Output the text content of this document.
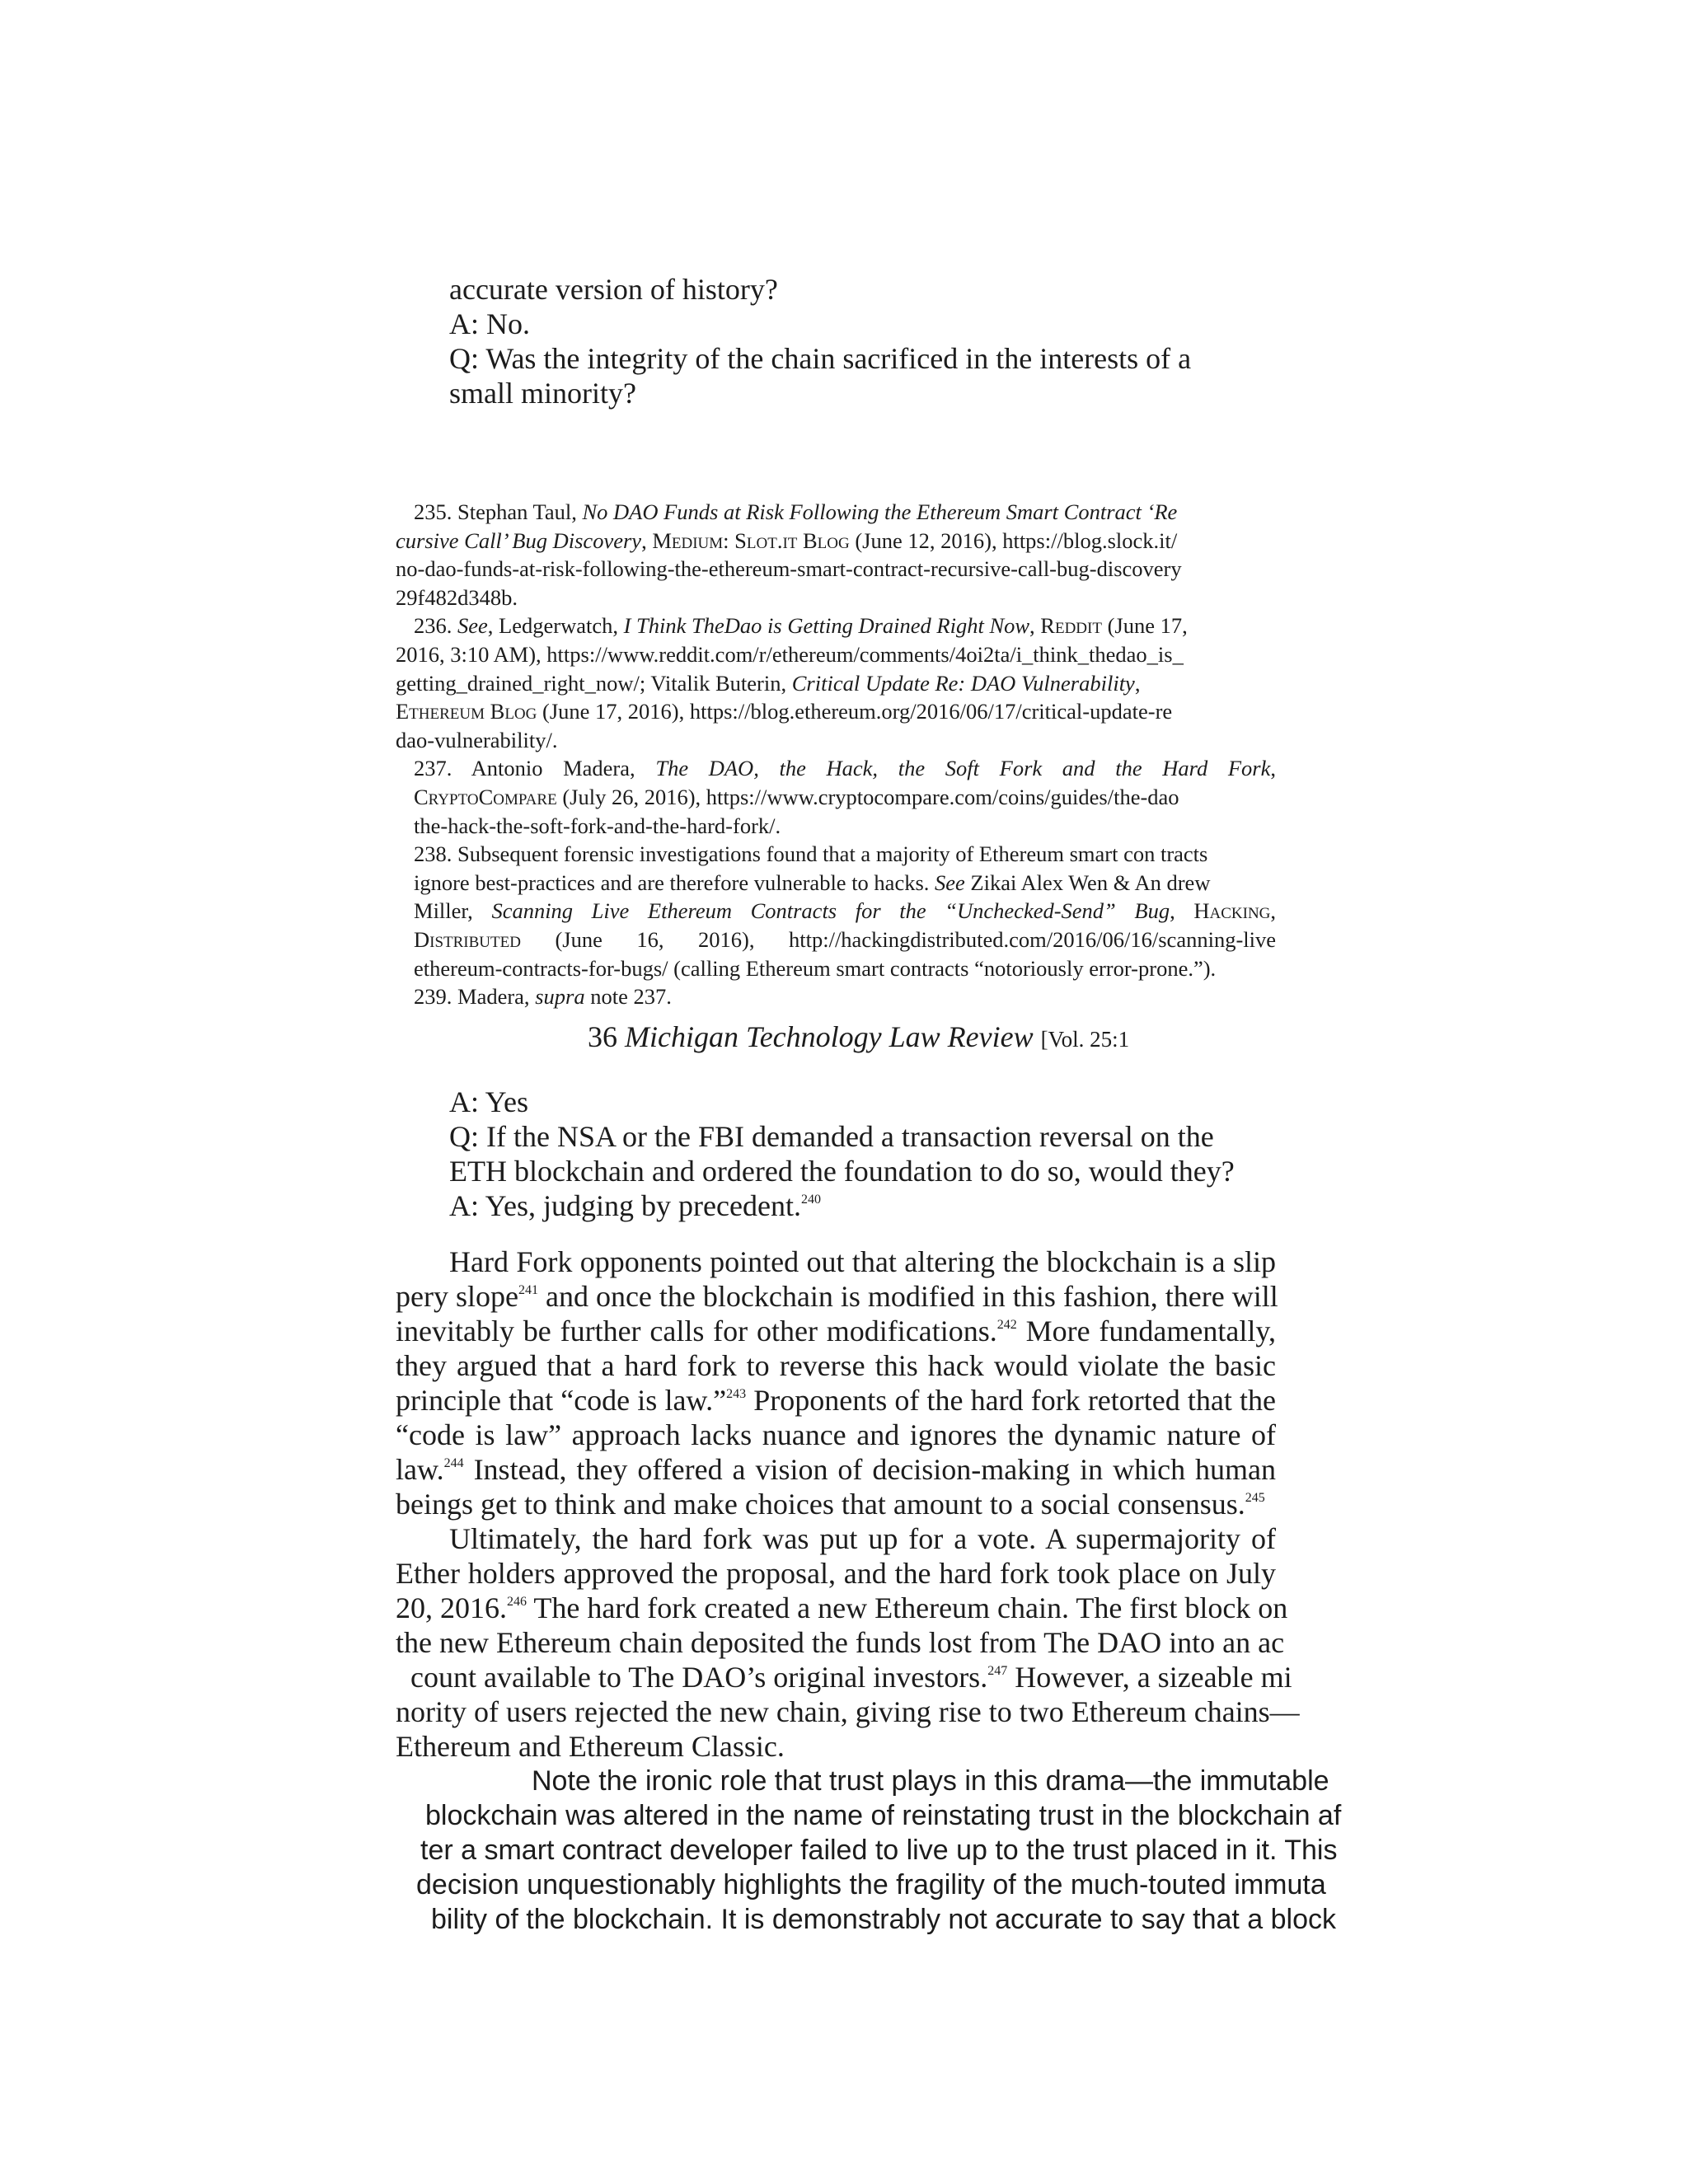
accurate version of history?
A: No.
Q: Was the integrity of the chain sacrificed in the interests of a
small minority?

235. Stephan Taul, No DAO Funds at Risk Following the Ethereum Smart Contract ‘Re
cursive Call’ Bug Discovery, Medium: Slot.it Blog (June 12, 2016), https://blog.slock.it/
no-dao-funds-at-risk-following-the-ethereum-smart-contract-recursive-call-bug-discovery
29f482d348b.

236. See, Ledgerwatch, I Think TheDao is Getting Drained Right Now, Reddit (June 17,
2016, 3:10 AM), https://www.reddit.com/r/ethereum/comments/4oi2ta/i_think_thedao_is_
getting_drained_right_now/; Vitalik Buterin, Critical Update Re: DAO Vulnerability,
Ethereum Blog (June 17, 2016), https://blog.ethereum.org/2016/06/17/critical-update-re
dao-vulnerability/.

237. Antonio Madera, The DAO, the Hack, the Soft Fork and the Hard Fork,
CryptoCompare (July 26, 2016), https://www.cryptocompare.com/coins/guides/the-dao
the-hack-the-soft-fork-and-the-hard-fork/.

238. Subsequent forensic investigations found that a majority of Ethereum smart con tracts
ignore best-practices and are therefore vulnerable to hacks. See Zikai Alex Wen & An drew
Miller, Scanning Live Ethereum Contracts for the “Unchecked-Send” Bug, Hacking,
Distributed (June 16, 2016), http://hackingdistributed.com/2016/06/16/scanning-live
ethereum-contracts-for-bugs/ (calling Ethereum smart contracts “notoriously error-prone.”).

239. Madera, supra note 237.

36 Michigan Technology Law Review [Vol. 25:1
A: Yes
Q: If the NSA or the FBI demanded a transaction reversal on the
ETH blockchain and ordered the foundation to do so, would they?
A: Yes, judging by precedent.$^{240}$
Hard Fork opponents pointed out that altering the blockchain is a slip
pery slope$^{241}$ and once the blockchain is modified in this fashion, there will
inevitably be further calls for other modifications.$^{242}$ More fundamentally,
they argued that a hard fork to reverse this hack would violate the basic
principle that “code is law.”$^{243}$ Proponents of the hard fork retorted that the
“code is law” approach lacks nuance and ignores the dynamic nature of
law.$^{244}$ Instead, they offered a vision of decision-making in which human
beings get to think and make choices that amount to a social consensus.$^{245}$
Ultimately, the hard fork was put up for a vote. A supermajority of
Ether holders approved the proposal, and the hard fork took place on July
20, 2016.$^{246}$ The hard fork created a new Ethereum chain. The first block on
the new Ethereum chain deposited the funds lost from The DAO into an ac
count available to The DAO’s original investors.$^{247}$ However, a sizeable mi
nority of users rejected the new chain, giving rise to two Ethereum chains—
Ethereum and Ethereum Classic.
Note the ironic role that trust plays in this drama—the immutable
blockchain was altered in the name of reinstating trust in the blockchain af
ter a smart contract developer failed to live up to the trust placed in it. This
decision unquestionably highlights the fragility of the much-touted immuta
bility of the blockchain. It is demonstrably not accurate to say that a block
